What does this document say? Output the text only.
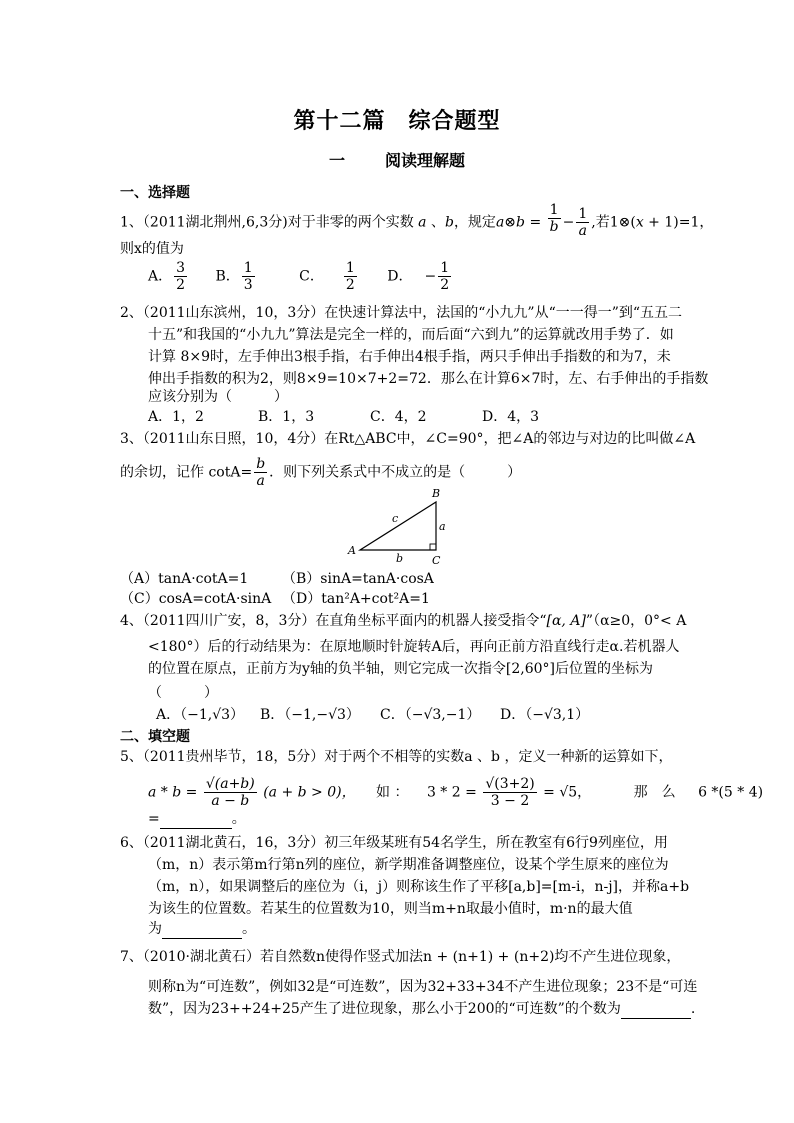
第十二篇　综合题型
一	阅读理解题
一、选择题
1、（2011湖北荆州,6,3分)对于非零的两个实数 a 、b，规定a⊗b = $\frac{1}{b} - \frac{1}{a}$ ,若1⊗(x + 1)=1，
则x的值为
A． $\frac{3}{2}$ B． $\frac{1}{3}$	C． $\frac{1}{2}$ D． − $\frac{1}{2}$
2、（2011山东滨州，10，3分）在快速计算法中，法国的“小九九”从“一一得一”到“五五二
十五”和我国的“小九九”算法是完全一样的，而后面“六到九”的运算就改用手势了．如
计算 8×9时，左手伸出3根手指，右手伸出4根手指，两只手伸出手指数的和为7，未
伸出手指数的积为2，则8×9=10×7+2=72．那么在计算6×7时，左、右手伸出的手指数
应该分别为（　　　）
A．1，2	B．1，3	C．4，2	D．4，3
3、（2011山东日照，10，4分）在Rt△ABC中，∠C=90°，把∠A的邻边与对边的比叫做∠A
的余切，记作 $\cot A= \frac{b}{a}$ ．则下列关系式中不成立的是（　　　）
A
B
C
a
b
c
（A）tanA·cotA=1 （B）sinA=tanA·cosA
（C）cosA=cotA·sinA （D）tan²A+cot²A=1
4、（2011四川广安，8，3分）在直角坐标平面内的机器人接受指令“[α, A]”（α≥0，0°< A
<180°）后的行动结果为：在原地顺时针旋转A后，再向正前方沿直线行走α.若机器人
的位置在原点，正前方为y轴的负半轴，则它完成一次指令[2,60°]后位置的坐标为
（　　　）
A．（−1,√3） B．（−1,−√3） C．（−√3,−1） D．（−√3,1）
二、填空题
5、（2011贵州毕节，18，5分）对于两个不相等的实数a 、b ，定义一种新的运算如下，
$a * b = \frac{√(a+b)}{a - b} (a + b > 0)$， 如 ： $3 * 2 = \frac{√(3+2)}{3 - 2} = √5$，	那　么 6 *(5 * 4)
=	。
6、（2011湖北黄石，16，3分）初三年级某班有54名学生，所在教室有6行9列座位，用
（m，n）表示第m行第n列的座位，新学期准备调整座位，设某个学生原来的座位为
（m，n），如果调整后的座位为（i，j）则称该生作了平移[a,b]=[m-i，n-j]，并称a+b
为该生的位置数。若某生的位置数为10，则当m+n取最小值时，m·n的最大值
为	。
7、（2010·湖北黄石）若自然数n使得作竖式加法n + (n+1) + (n+2)均不产生进位现象，
则称n为“可连数”，例如32是“可连数”，因为32+33+34不产生进位现象；23不是“可连
数”，因为23++24+25产生了进位现象，那么小于200的“可连数”的个数为	.
